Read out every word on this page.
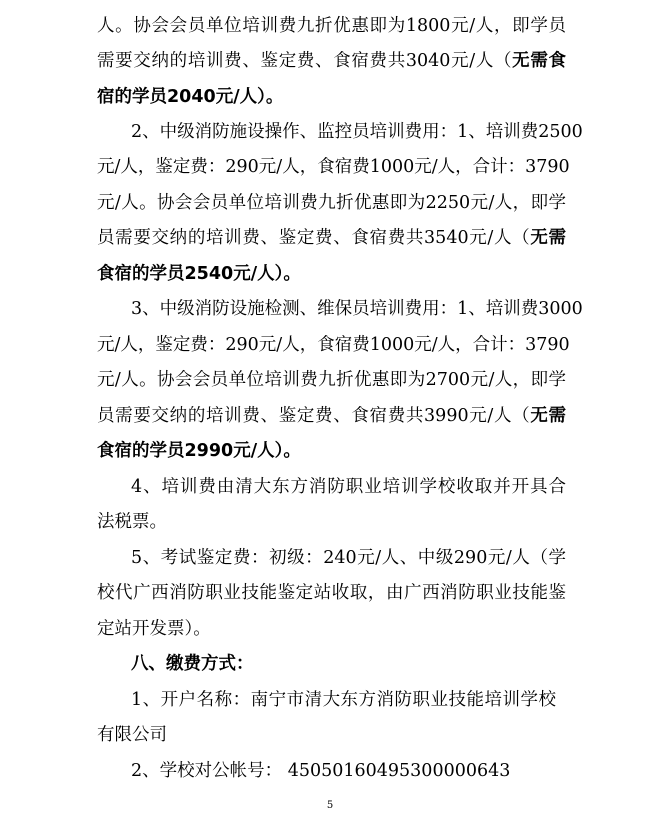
人。协会会员单位培训费九折优惠即为1800元/人，即学员
需要交纳的培训费、鉴定费、食宿费共3040元/人（无需食
宿的学员2040元/人）。
2、中级消防施设操作、监控员培训费用：1、培训费2500
元/人，鉴定费：290元/人，食宿费1000元/人，合计：3790
元/人。协会会员单位培训费九折优惠即为2250元/人，即学
员需要交纳的培训费、鉴定费、食宿费共3540元/人（无需
食宿的学员2540元/人）。
3、中级消防设施检测、维保员培训费用：1、培训费3000
元/人，鉴定费：290元/人，食宿费1000元/人，合计：3790
元/人。协会会员单位培训费九折优惠即为2700元/人，即学
员需要交纳的培训费、鉴定费、食宿费共3990元/人（无需
食宿的学员2990元/人）。
4、培训费由清大东方消防职业培训学校收取并开具合
法税票。
5、考试鉴定费：初级：240元/人、中级290元/人（学
校代广西消防职业技能鉴定站收取，由广西消防职业技能鉴
定站开发票）。
八、缴费方式：
1、开户名称：南宁市清大东方消防职业技能培训学校
有限公司
2、学校对公帐号： 450501604953000006​43
5
